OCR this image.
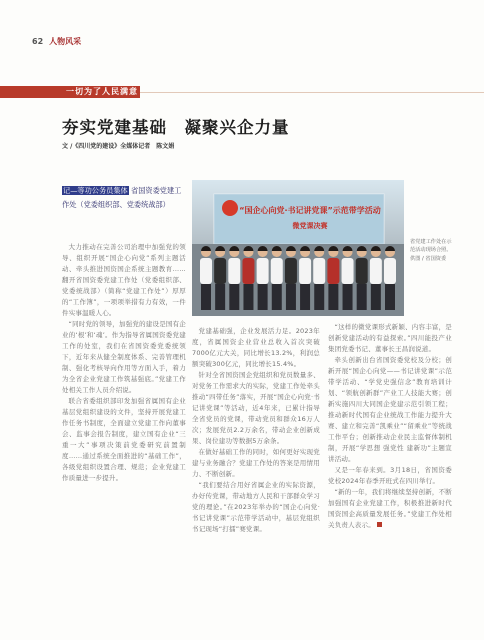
62 人物风采
一切为了人民满意
夯实党建基础　凝聚兴企力量
文 /《四川党的建设》全媒体记者　陈文娟
记—等功公务员集体 省国资委党建工作处（党委组织部、党委统战部）
“国企心向党·书记讲党课”示范带学活动
微党课决赛
省党建工作处在示范活动现场合照。供图 / 省国资委

大力推动在完善公司治理中加强党的领导、组织开展“国企心向党”系列主题活动、牵头推进国资国企系统主题教育……翻开省国资委党建工作处（党委组织部、党委统战部）（简称“党建工作处”）厚厚的“工作簿”，一项项举措有力有效，一件件实事温暖人心。

“同时党的领导，加强党的建设是国有企业的‘根’和‘魂’。作为指导省属国资委党建工作的处室，我们在省国资委党委统领下，近年来从健全制度体系、完善管理机制、强化考核导向作用等方面入手，着力为全省企业党建工作筑基强底。”党建工作处相关工作人员介绍说。

联合省委组织部印发加强省属国有企业基层党组织建设的文件，坚持开展党建工作任务书制度，全面建立党建工作向董事会、监事会报告制度，建立国有企业“三重一大”事项决策前党委研究前置制度……通过系统全面推进的“基础工作”，各级党组织设置合理、规范；企业党建工作质量进一步提升。

党建基础强，企业发展活力足。2023年度，省属国资企业营业总收入首次突破7000亿元大关，同比增长13.2%，利润总额突破300亿元，同比增长15.4%。

针对全省国资国企党组织和党员数量多、对党务工作需求大的实际，党建工作处牵头推动“四带任务”落实，开展“国企心向党·书记讲党课”等活动，近4年来，已累计指导全省党员的党课，带动党员和群众16万人次；发展党员2.2万余名，带动企业创新成果、岗位建功等数据5万余条。

在做好基础工作的同时，如何更好实现党建与业务融合？党建工作处的答案是用情用力、不断创新。

“我们要结合用好省属企业的实际资源，办好传党课，带动地方人民和干部群众学习党的理论。”在2023年举办的“国企心向党·书记讲党课”示范带学活动中，基层党组织书记现场“打擂”赛党课。

“这样的微党课形式新颖、内容丰富，是创新党建活动的有益探索。”四川能投产业集团党委书记、董事长王昌润说道。

牵头创新出台省国资委党校及分校；创新开展“国企心向党——书记讲党课”示范带学活动、“学党史强信念”教育培训计划、“领航创新群”产业工人技能大赛；创新实施四川大同国企党建示范引领工程；推动新时代国有企业统战工作能力提升大赛、建立和完善“凯乘业”“留乘业”等统战工作平台；创新推动企业民主监督体制机制，开展“学思想 强党性 建新功”主题宣讲活动。

又是一年春来到。3月18日，省国资委党校2024年春季开班式在四川举行。

“新的一年，我们将继续坚持创新，不断加强国有企业党建工作，积极推进新时代国资国企高质量发展任务。”党建工作处相关负责人表示。
